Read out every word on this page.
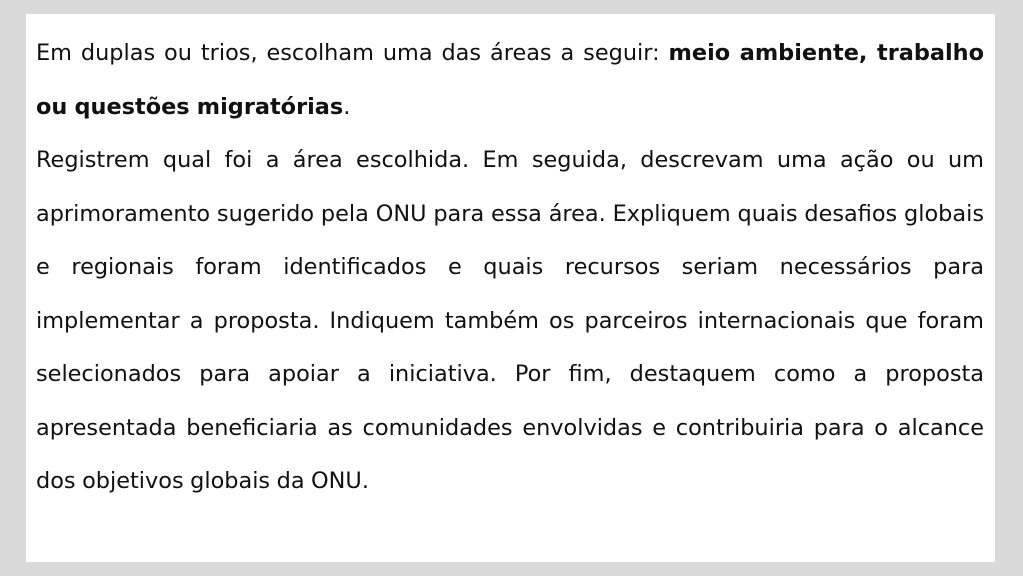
Em duplas ou trios, escolham uma das áreas a seguir: meio ambiente, trabalho ou questões migratórias.

Registrem qual foi a área escolhida. Em seguida, descrevam uma ação ou um aprimoramento sugerido pela ONU para essa área. Expliquem quais desafios globais e regionais foram identificados e quais recursos seriam necessários para implementar a proposta. Indiquem também os parceiros internacionais que foram selecionados para apoiar a iniciativa. Por fim, destaquem como a proposta apresentada beneficiaria as comunidades envolvidas e contribuiria para o alcance dos objetivos globais da ONU.
